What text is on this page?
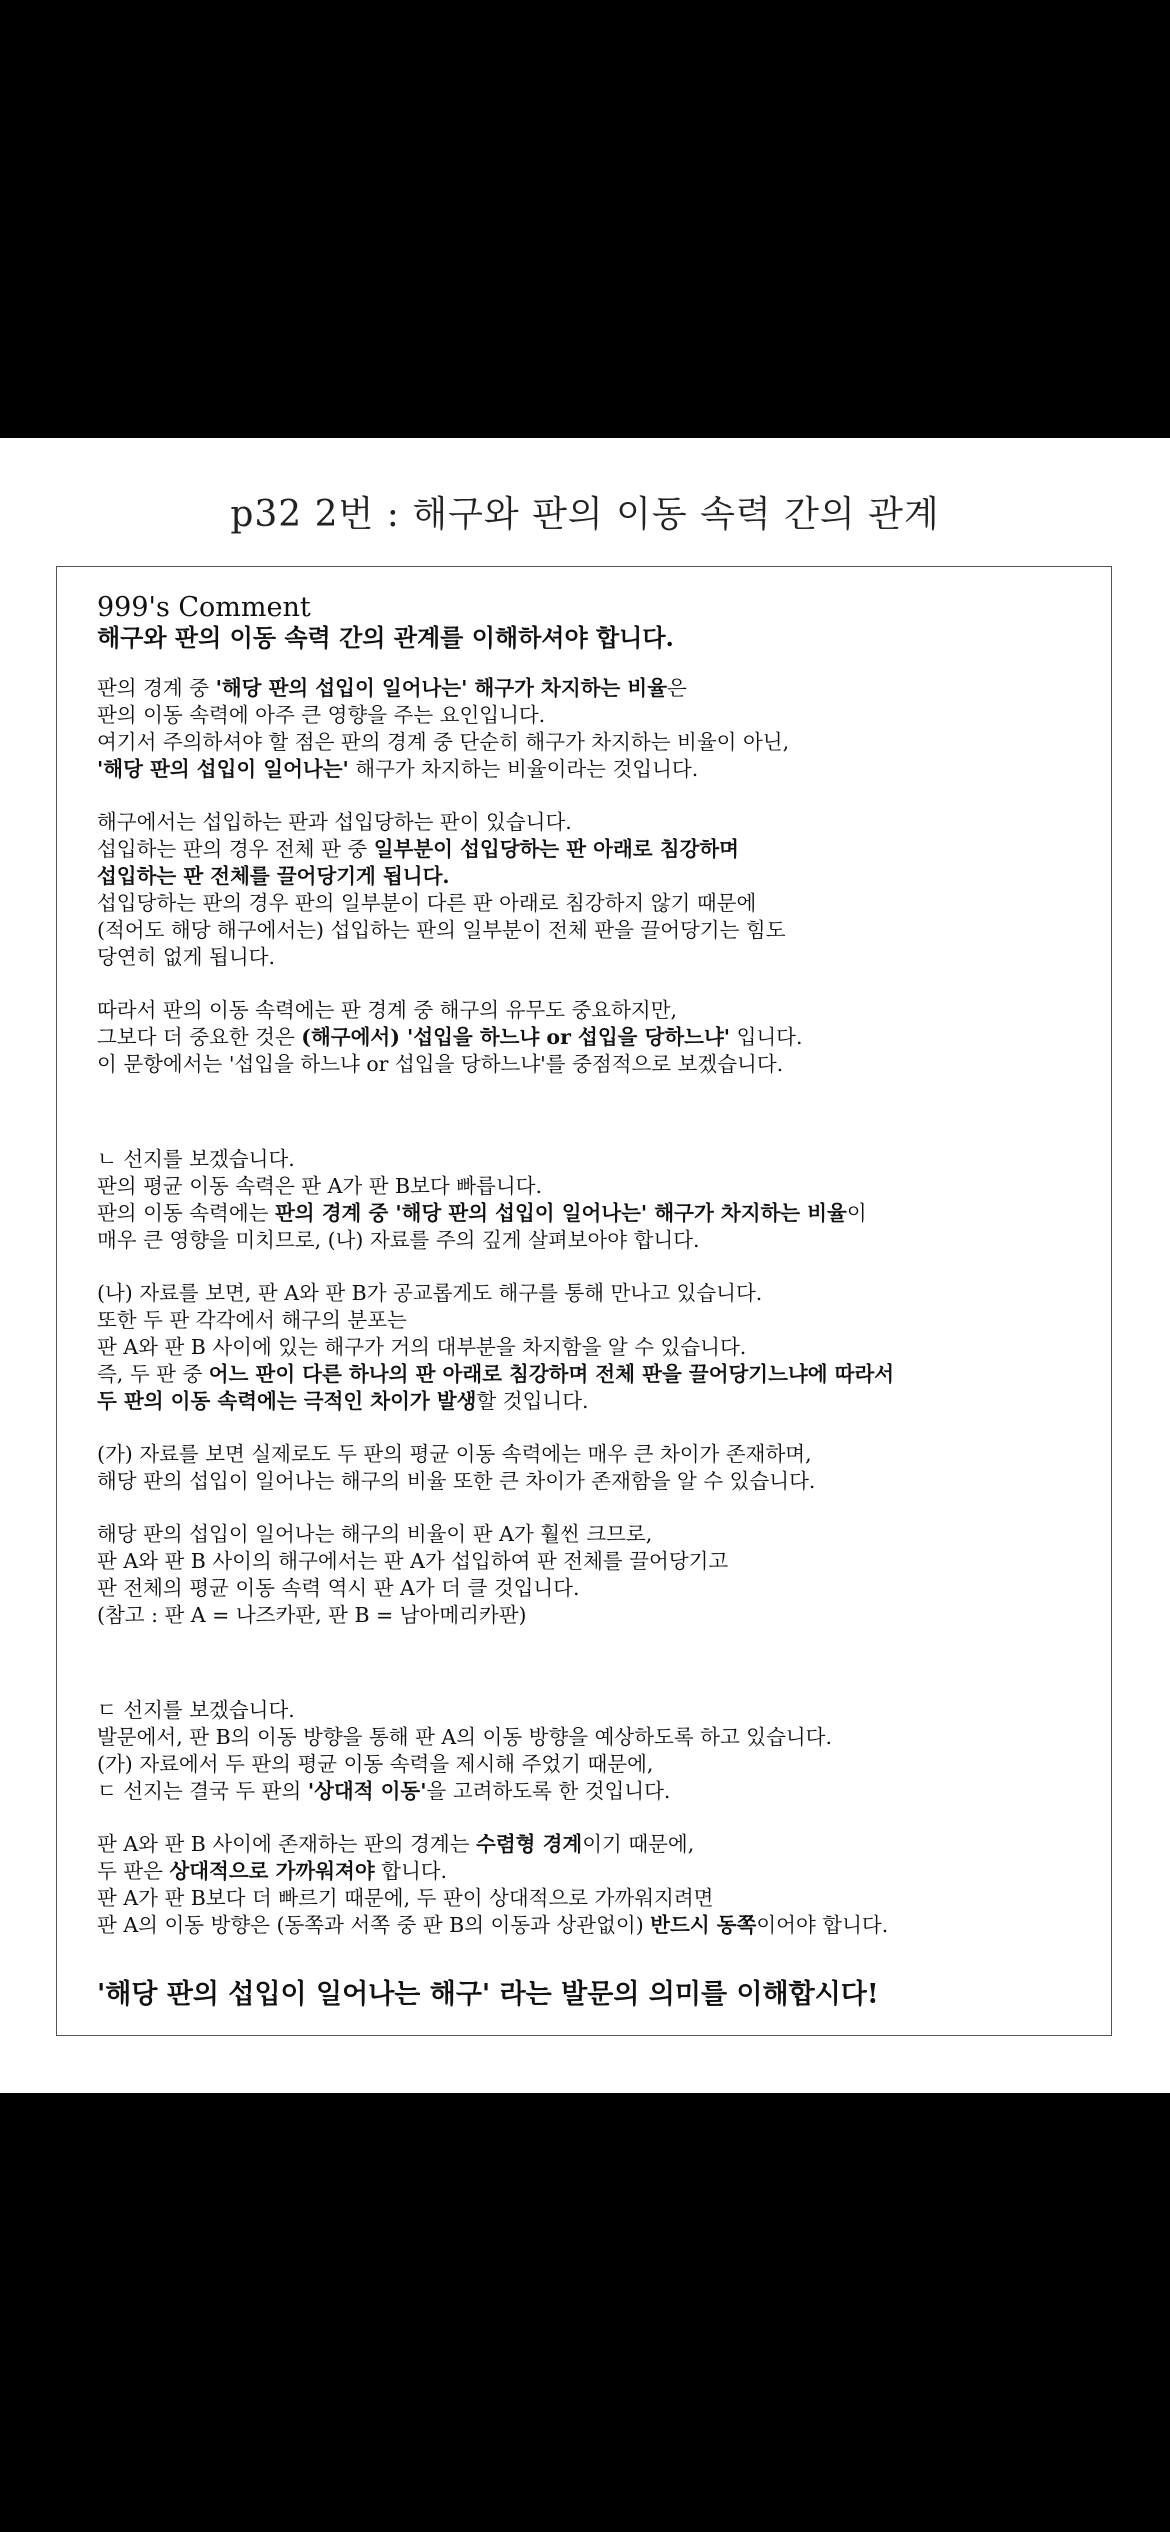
p32 2번 : 해구와 판의 이동 속력 간의 관계
999's Comment
해구와 판의 이동 속력 간의 관계를 이해하셔야 합니다.
판의 경계 중 '해당 판의 섭입이 일어나는' 해구가 차지하는 비율은
판의 이동 속력에 아주 큰 영향을 주는 요인입니다.
여기서 주의하셔야 할 점은 판의 경계 중 단순히 해구가 차지하는 비율이 아닌,
'해당 판의 섭입이 일어나는' 해구가 차지하는 비율이라는 것입니다.
해구에서는 섭입하는 판과 섭입당하는 판이 있습니다.
섭입하는 판의 경우 전체 판 중 일부분이 섭입당하는 판 아래로 침강하며
섭입하는 판 전체를 끌어당기게 됩니다.
섭입당하는 판의 경우 판의 일부분이 다른 판 아래로 침강하지 않기 때문에
(적어도 해당 해구에서는) 섭입하는 판의 일부분이 전체 판을 끌어당기는 힘도
당연히 없게 됩니다.
따라서 판의 이동 속력에는 판 경계 중 해구의 유무도 중요하지만,
그보다 더 중요한 것은 (해구에서) '섭입을 하느냐 or 섭입을 당하느냐' 입니다.
이 문항에서는 '섭입을 하느냐 or 섭입을 당하느냐'를 중점적으로 보겠습니다.
ㄴ 선지를 보겠습니다.
판의 평균 이동 속력은 판 A가 판 B보다 빠릅니다.
판의 이동 속력에는 판의 경계 중 '해당 판의 섭입이 일어나는' 해구가 차지하는 비율이
매우 큰 영향을 미치므로, (나) 자료를 주의 깊게 살펴보아야 합니다.
(나) 자료를 보면, 판 A와 판 B가 공교롭게도 해구를 통해 만나고 있습니다.
또한 두 판 각각에서 해구의 분포는
판 A와 판 B 사이에 있는 해구가 거의 대부분을 차지함을 알 수 있습니다.
즉, 두 판 중 어느 판이 다른 하나의 판 아래로 침강하며 전체 판을 끌어당기느냐에 따라서
두 판의 이동 속력에는 극적인 차이가 발생할 것입니다.
(가) 자료를 보면 실제로도 두 판의 평균 이동 속력에는 매우 큰 차이가 존재하며,
해당 판의 섭입이 일어나는 해구의 비율 또한 큰 차이가 존재함을 알 수 있습니다.
해당 판의 섭입이 일어나는 해구의 비율이 판 A가 훨씬 크므로,
판 A와 판 B 사이의 해구에서는 판 A가 섭입하여 판 전체를 끌어당기고
판 전체의 평균 이동 속력 역시 판 A가 더 클 것입니다.
(참고 : 판 A = 나즈카판, 판 B = 남아메리카판)
ㄷ 선지를 보겠습니다.
발문에서, 판 B의 이동 방향을 통해 판 A의 이동 방향을 예상하도록 하고 있습니다.
(가) 자료에서 두 판의 평균 이동 속력을 제시해 주었기 때문에,
ㄷ 선지는 결국 두 판의 '상대적 이동'을 고려하도록 한 것입니다.
판 A와 판 B 사이에 존재하는 판의 경계는 수렴형 경계이기 때문에,
두 판은 상대적으로 가까워져야 합니다.
판 A가 판 B보다 더 빠르기 때문에, 두 판이 상대적으로 가까워지려면
판 A의 이동 방향은 (동쪽과 서쪽 중 판 B의 이동과 상관없이) 반드시 동쪽이어야 합니다.
'해당 판의 섭입이 일어나는 해구' 라는 발문의 의미를 이해합시다!
